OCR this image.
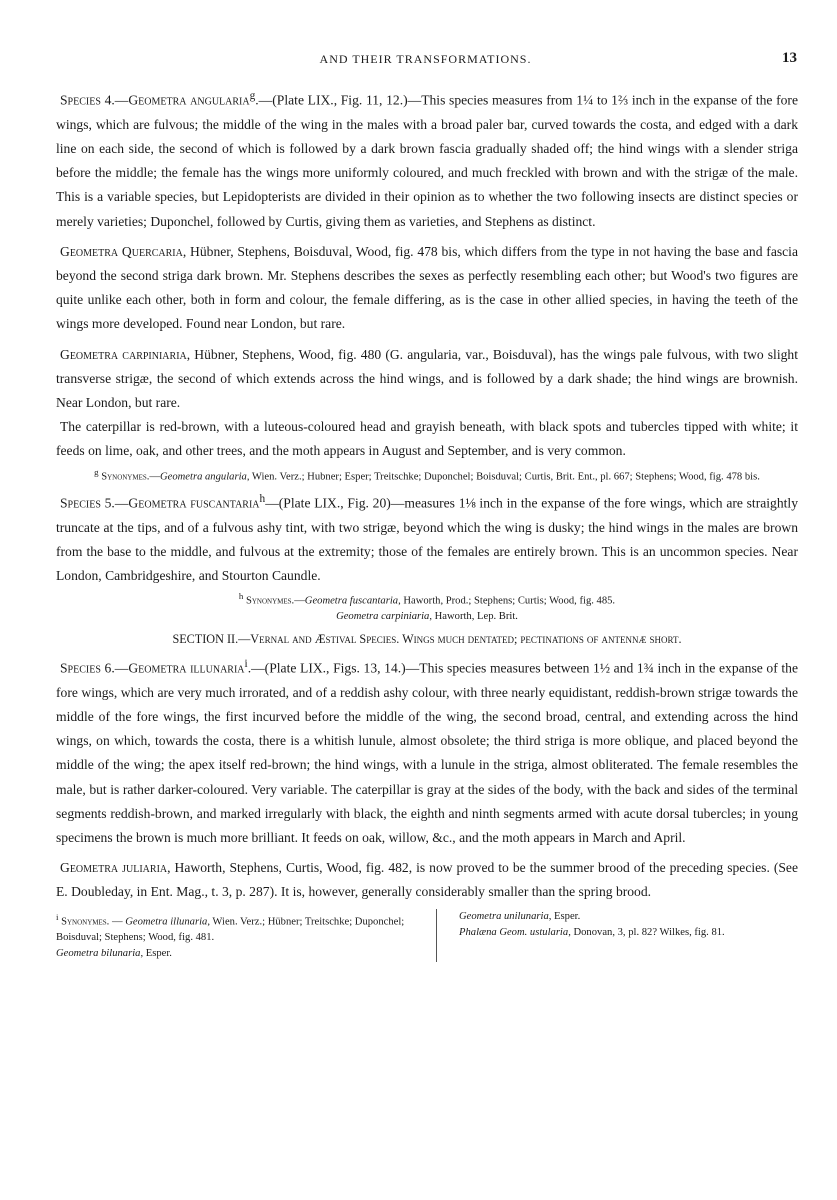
AND THEIR TRANSFORMATIONS.	13

Species 4.—Geometra angularia$^g$.—(Plate LIX., Fig. 11, 12.)—This species measures from 1¼ to 1⅔ inch in the expanse of the fore wings, which are fulvous; the middle of the wing in the males with a broad paler bar, curved towards the costa, and edged with a dark line on each side, the second of which is followed by a dark brown fascia gradually shaded off; the hind wings with a slender striga before the middle; the female has the wings more uniformly coloured, and much freckled with brown and with the strigæ of the male. This is a variable species, but Lepidopterists are divided in their opinion as to whether the two following insects are distinct species or merely varieties; Duponchel, followed by Curtis, giving them as varieties, and Stephens as distinct.

Geometra Quercaria, Hübner, Stephens, Boisduval, Wood, fig. 478 bis, which differs from the type in not having the base and fascia beyond the second striga dark brown. Mr. Stephens describes the sexes as perfectly resembling each other; but Wood's two figures are quite unlike each other, both in form and colour, the female differing, as is the case in other allied species, in having the teeth of the wings more developed. Found near London, but rare.

Geometra carpiniaria, Hübner, Stephens, Wood, fig. 480 (G. angularia, var., Boisduval), has the wings pale fulvous, with two slight transverse strigæ, the second of which extends across the hind wings, and is followed by a dark shade; the hind wings are brownish. Near London, but rare.

The caterpillar is red-brown, with a luteous-coloured head and grayish beneath, with black spots and tubercles tipped with white; it feeds on lime, oak, and other trees, and the moth appears in August and September, and is very common.

$^g$ Synonymes.—Geometra angularia, Wien. Verz.; Hubner; Esper; Treitschke; Duponchel; Boisduval; Curtis, Brit. Ent., pl. 667; Stephens; Wood, fig. 478 bis.

Species 5.—Geometra fuscantaria$^h$—(Plate LIX., Fig. 20)—measures 1⅛ inch in the expanse of the fore wings, which are straightly truncate at the tips, and of a fulvous ashy tint, with two strigæ, beyond which the wing is dusky; the hind wings in the males are brown from the base to the middle, and fulvous at the extremity; those of the females are entirely brown. This is an uncommon species. Near London, Cambridgeshire, and Stourton Caundle.

$^h$ Synonymes.—Geometra fuscantaria, Haworth, Prod.; Stephens; Curtis; Wood, fig. 485.
Geometra carpiniaria, Haworth, Lep. Brit.

SECTION II.—Vernal and Æstival Species. Wings much dentated; pectinations of antennæ short.

Species 6.—Geometra illunaria$^i$.—(Plate LIX., Figs. 13, 14.)—This species measures between 1½ and 1¾ inch in the expanse of the fore wings, which are very much irrorated, and of a reddish ashy colour, with three nearly equidistant, reddish-brown strigæ towards the middle of the fore wings, the first incurved before the middle of the wing, the second broad, central, and extending across the hind wings, on which, towards the costa, there is a whitish lunule, almost obsolete; the third striga is more oblique, and placed beyond the middle of the wing; the apex itself red-brown; the hind wings, with a lunule in the striga, almost obliterated. The female resembles the male, but is rather darker-coloured. Very variable. The caterpillar is gray at the sides of the body, with the back and sides of the terminal segments reddish-brown, and marked irregularly with black, the eighth and ninth segments armed with acute dorsal tubercles; in young specimens the brown is much more brilliant. It feeds on oak, willow, &c., and the moth appears in March and April.

Geometra juliaria, Haworth, Stephens, Curtis, Wood, fig. 482, is now proved to be the summer brood of the preceding species. (See E. Doubleday, in Ent. Mag., t. 3, p. 287). It is, however, generally considerably smaller than the spring brood.

$^i$ Synonymes. — Geometra illunaria, Wien. Verz.; Hübner; Treitschke; Duponchel; Boisduval; Stephens; Wood, fig. 481.
Geometra bilunaria, Esper.
Geometra unilunaria, Esper.
Phalæna Geom. ustularia, Donovan, 3, pl. 82? Wilkes, fig. 81.
